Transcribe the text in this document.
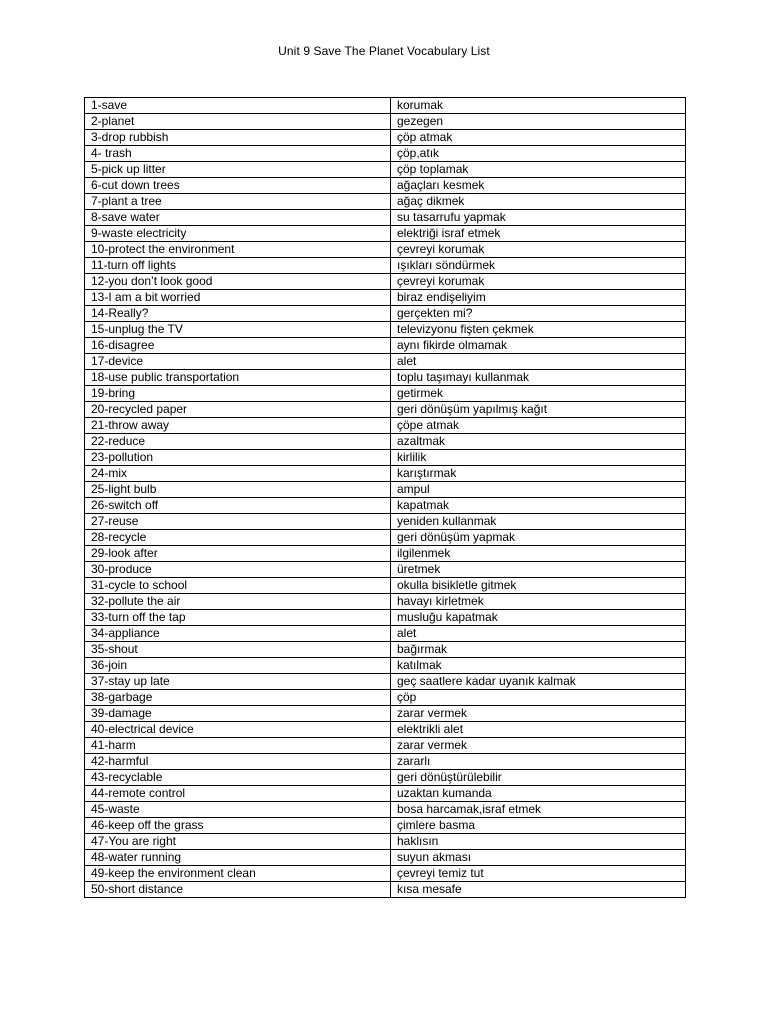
Unit 9 Save The Planet Vocabulary List
1-save	korumak
2-planet	gezegen
3-drop rubbish	çöp atmak
4- trash	çöp,atık
5-pick up litter	çöp toplamak
6-cut down trees	ağaçları kesmek
7-plant a tree	ağaç dikmek
8-save water	su tasarrufu yapmak
9-waste electricity	elektriği israf etmek
10-protect the environment	çevreyi korumak
11-turn off lights	ışıkları söndürmek
12-you don’t look good	çevreyi korumak
13-I am a bit worried	biraz endişeliyim
14-Really?	gerçekten mi?
15-unplug the TV	televizyonu fişten çekmek
16-disagree	aynı fikirde olmamak
17-device	alet
18-use public transportation	toplu taşımayı kullanmak
19-bring	getirmek
20-recycled paper	geri dönüşüm yapılmış kağıt
21-throw away	çöpe atmak
22-reduce	azaltmak
23-pollution	kirlilik
24-mix	karıştırmak
25-light bulb	ampul
26-switch off	kapatmak
27-reuse	yeniden kullanmak
28-recycle	geri dönüşüm yapmak
29-look after	ilgilenmek
30-produce	üretmek
31-cycle to school	okulla bisikletle gitmek
32-pollute the air	havayı kirletmek
33-turn off the tap	musluğu kapatmak
34-appliance	alet
35-shout	bağırmak
36-join	katılmak
37-stay up late	geç saatlere kadar uyanık kalmak
38-garbage	çöp
39-damage	zarar vermek
40-electrical device	elektrikli alet
41-harm	zarar vermek
42-harmful	zararlı
43-recyclable	geri dönüştürülebilir
44-remote control	uzaktan kumanda
45-waste	bosa harcamak,israf etmek
46-keep off the grass	çimlere basma
47-You are right	haklısın
48-water running	suyun akması
49-keep the environment clean	çevreyi temiz tut
50-short distance	kısa mesafe
